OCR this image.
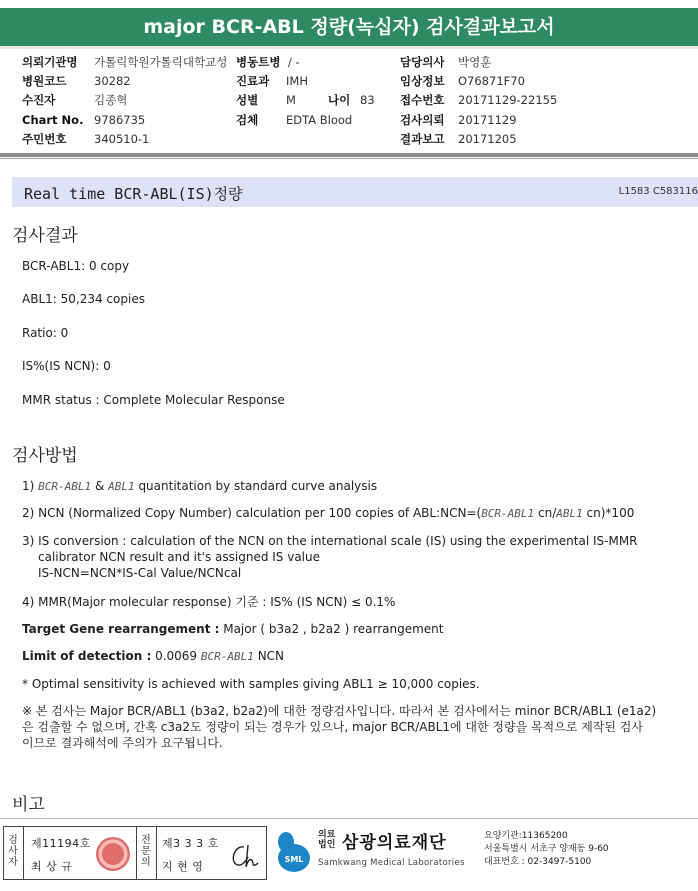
major BCR-ABL 정량(녹십자) 검사결과보고서
의뢰기관명 가톨릭학원가톨릭대학교성
병원코드 30282
수진자	김종혁
Chart No. 9786735
주민번호 340510-1
병동트병 / -
진료과 IMH
성별 M	나이 83
검체 EDTA Blood
담당의사 박영훈
임상정보 O76871F70
접수번호 20171129-22155
검사의뢰 20171129
결과보고 20171205
Real time BCR-ABL(IS)정량	L1583 C583116
검사결과
BCR-ABL1: 0 copy
ABL1: 50,234 copies
Ratio: 0
IS%(IS NCN): 0
MMR status : Complete Molecular Response
검사방법
1) BCR-ABL1 & ABL1 quantitation by standard curve analysis
2) NCN (Normalized Copy Number) calculation per 100 copies of ABL:NCN=(BCR-ABL1 cn/ABL1 cn)*100
3) IS conversion : calculation of the NCN on the international scale (IS) using the experimental IS-MMR
calibrator NCN result and it's assigned IS value
IS-NCN=NCN*IS-Cal Value/NCNcal
4) MMR(Major molecular response) 기준 : IS% (IS NCN) ≤ 0.1%
Target Gene rearrangement : Major ( b3a2 , b2a2 ) rearrangement
Limit of detection : 0.0069 BCR-ABL1 NCN
* Optimal sensitivity is achieved with samples giving ABL1 ≥ 10,000 copies.
※ 본 검사는 Major BCR/ABL1 (b3a2, b2a2)에 대한 정량검사입니다. 따라서 본 검사에서는 minor BCR/ABL1 (e1a2)
은 검출할 수 없으며, 간혹 c3a2도 정량이 되는 경우가 있으나, major BCR/ABL1에 대한 정량을 목적으로 제작된 검사
이므로 결과해석에 주의가 요구됩니다.
비고
검사자
제11194호
최 상 규
전문의
제3 3 3 호
지 현 영
SML
의료
법인 삼광의료재단
Samkwang Medical Laboratories
요양기관:11365200
서울특별시 서초구 양재동 9-60
대표번호 : 02-3497-5100
